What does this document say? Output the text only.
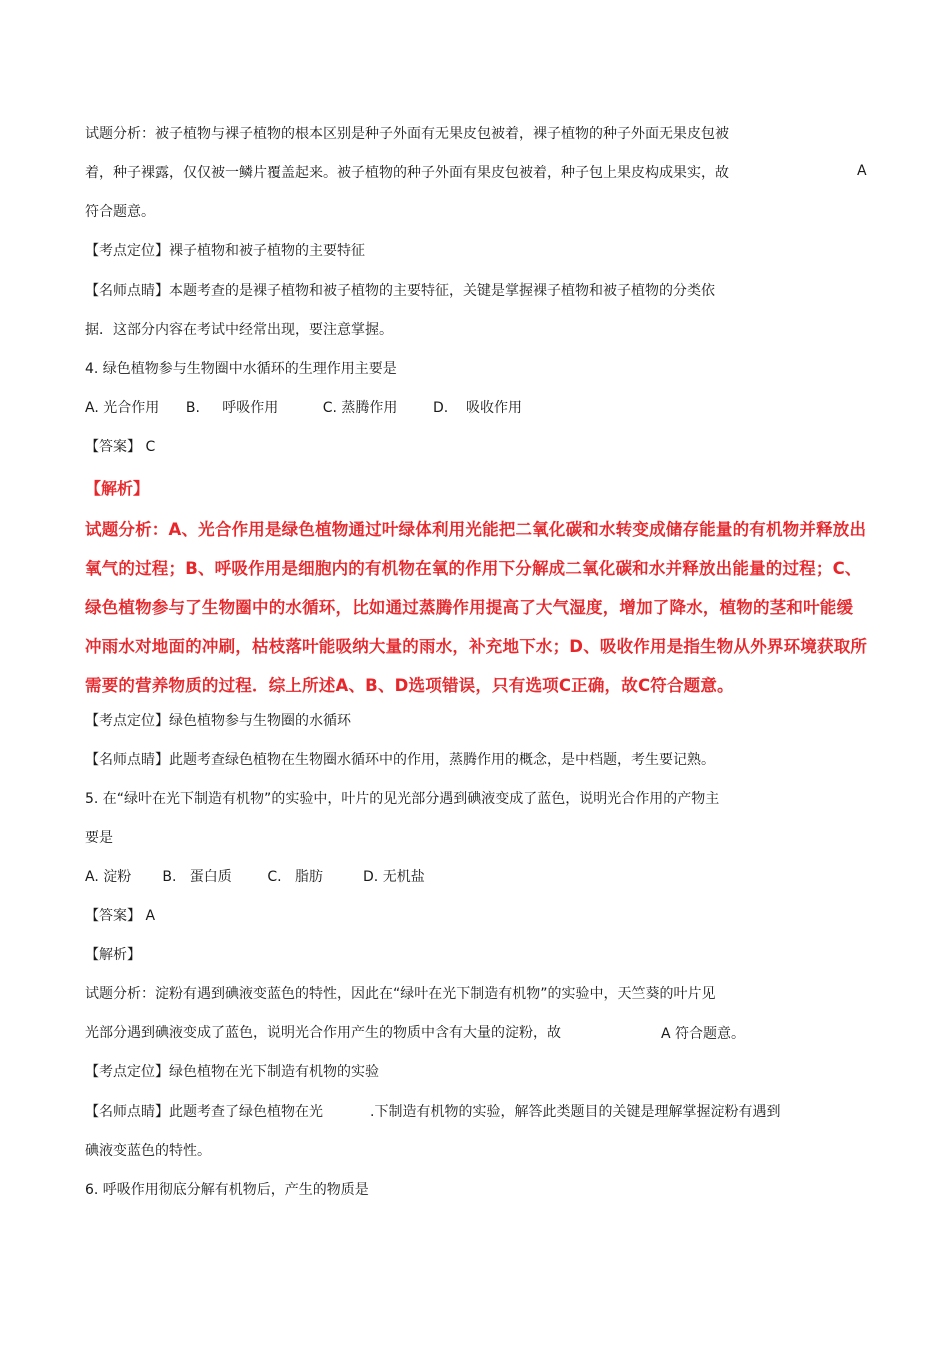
试题分析：被子植物与裸子植物的根本区别是种子外面有无果皮包被着，裸子植物的种子外面无果皮包被
着，种子裸露，仅仅被一鳞片覆盖起来。被子植物的种子外面有果皮包被着，种子包上果皮构成果实，故	A
符合题意。
【考点定位】裸子植物和被子植物的主要特征
【名师点睛】本题考查的是裸子植物和被子植物的主要特征，关键是掌握裸子植物和被子植物的分类依
据．这部分内容在考试中经常出现，要注意掌握。
4. 绿色植物参与生物圈中水循环的生理作用主要是
A. 光合作用      B.     呼吸作用          C. 蒸腾作用        D.    吸收作用
【答案】 C
【解析】
试题分析：A、光合作用是绿色植物通过叶绿体利用光能把二氧化碳和水转变成储存能量的有机物并释放出
氧气的过程；B、呼吸作用是细胞内的有机物在氧的作用下分解成二氧化碳和水并释放出能量的过程；C、
绿色植物参与了生物圈中的水循环，比如通过蒸腾作用提高了大气湿度，增加了降水，植物的茎和叶能缓
冲雨水对地面的冲刷，枯枝落叶能吸纳大量的雨水，补充地下水；D、吸收作用是指生物从外界环境获取所
需要的营养物质的过程．综上所述A、B、D选项错误，只有选项C正确，故C符合题意。
【考点定位】绿色植物参与生物圈的水循环
【名师点睛】此题考查绿色植物在生物圈水循环中的作用，蒸腾作用的概念，是中档题，考生要记熟。
5. 在“绿叶在光下制造有机物”的实验中，叶片的见光部分遇到碘液变成了蓝色，说明光合作用的产物主
要是
A. 淀粉       B.   蛋白质        C.   脂肪         D. 无机盐
【答案】 A
【解析】
试题分析：淀粉有遇到碘液变蓝色的特性，因此在“绿叶在光下制造有机物”的实验中，天竺葵的叶片见
光部分遇到碘液变成了蓝色，说明光合作用产生的物质中含有大量的淀粉，故	A 符合题意。
【考点定位】绿色植物在光下制造有机物的实验
【名师点睛】此题考查了绿色植物在光	.下制造有机物的实验，解答此类题目的关键是理解掌握淀粉有遇到
碘液变蓝色的特性。
6. 呼吸作用彻底分解有机物后，产生的物质是
